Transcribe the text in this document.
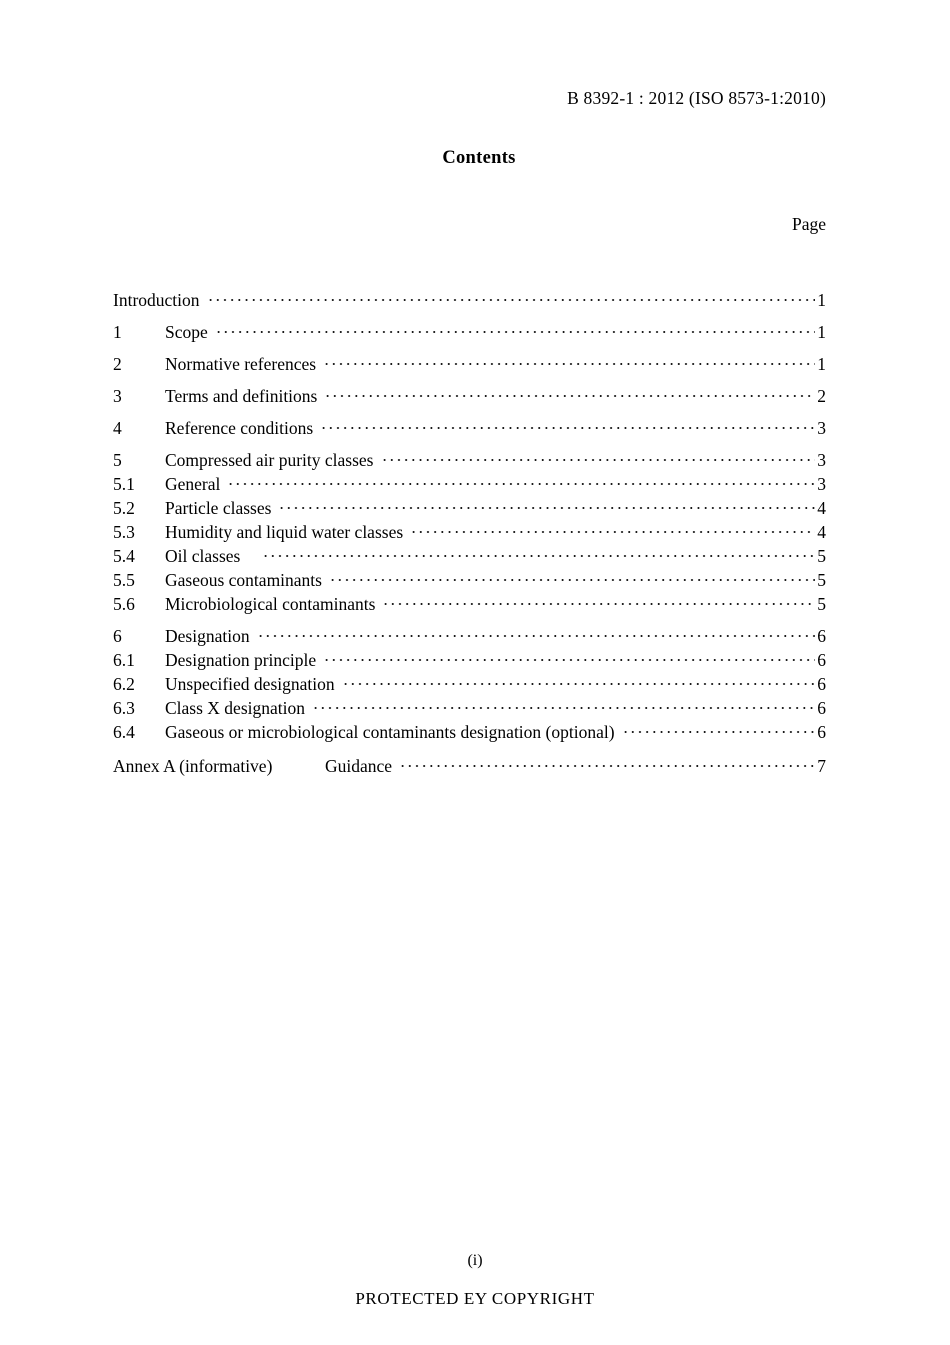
B 8392-1 : 2012 (ISO 8573-1:2010)
Contents
Page
Introduction	1
1	Scope	1
2	Normative references	1
3	Terms and definitions	2
4	Reference conditions	3
5	Compressed air purity classes	3
5.1	General	3
5.2	Particle classes	4
5.3	Humidity and liquid water classes	4
5.4	Oil classes	5
5.5	Gaseous contaminants	5
5.6	Microbiological contaminants	5
6	Designation	6
6.1	Designation principle	6
6.2	Unspecified designation	6
6.3	Class X designation	6
6.4	Gaseous or microbiological contaminants designation (optional)	6
Annex A (informative)	Guidance	7
(i)
PROTECTED EY COPYRIGHT
